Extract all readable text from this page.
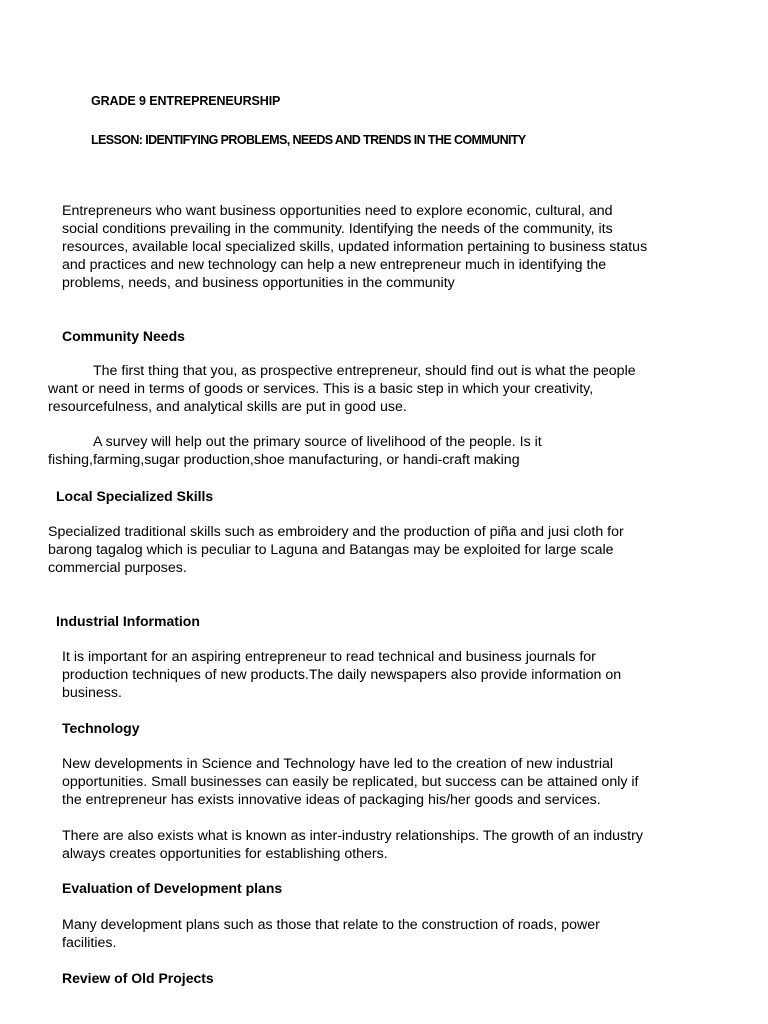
GRADE 9 ENTREPRENEURSHIP
LESSON: IDENTIFYING PROBLEMS, NEEDS AND TRENDS IN THE COMMUNITY
Entrepreneurs who want business opportunities need to explore economic, cultural, and
social conditions prevailing in the community. Identifying the needs of the community, its
resources, available local specialized skills, updated information pertaining to business status
and practices and new technology can help a new entrepreneur much in identifying the
problems, needs, and business opportunities in the community
Community Needs
The first thing that you, as prospective entrepreneur, should find out is what the people
want or need in terms of goods or services. This is a basic step in which your creativity,
resourcefulness, and analytical skills are put in good use.
A survey will help out the primary source of livelihood of the people. Is it
fishing,farming,sugar production,shoe manufacturing, or handi-craft making
Local Specialized Skills
Specialized traditional skills such as embroidery and the production of piña and jusi cloth for
barong tagalog which is peculiar to Laguna and Batangas may be exploited for large scale
commercial purposes.
Industrial Information
It is important for an aspiring entrepreneur to read technical and business journals for
production techniques of new products.The daily newspapers also provide information on
business.
Technology
New developments in Science and Technology have led to the creation of new industrial
opportunities. Small businesses can easily be replicated, but success can be attained only if
the entrepreneur has exists innovative ideas of packaging his/her goods and services.
There are also exists what is known as inter-industry relationships. The growth of an industry
always creates opportunities for establishing others.
Evaluation of Development plans
Many development plans such as those that relate to the construction of roads, power
facilities.
Review of Old Projects
